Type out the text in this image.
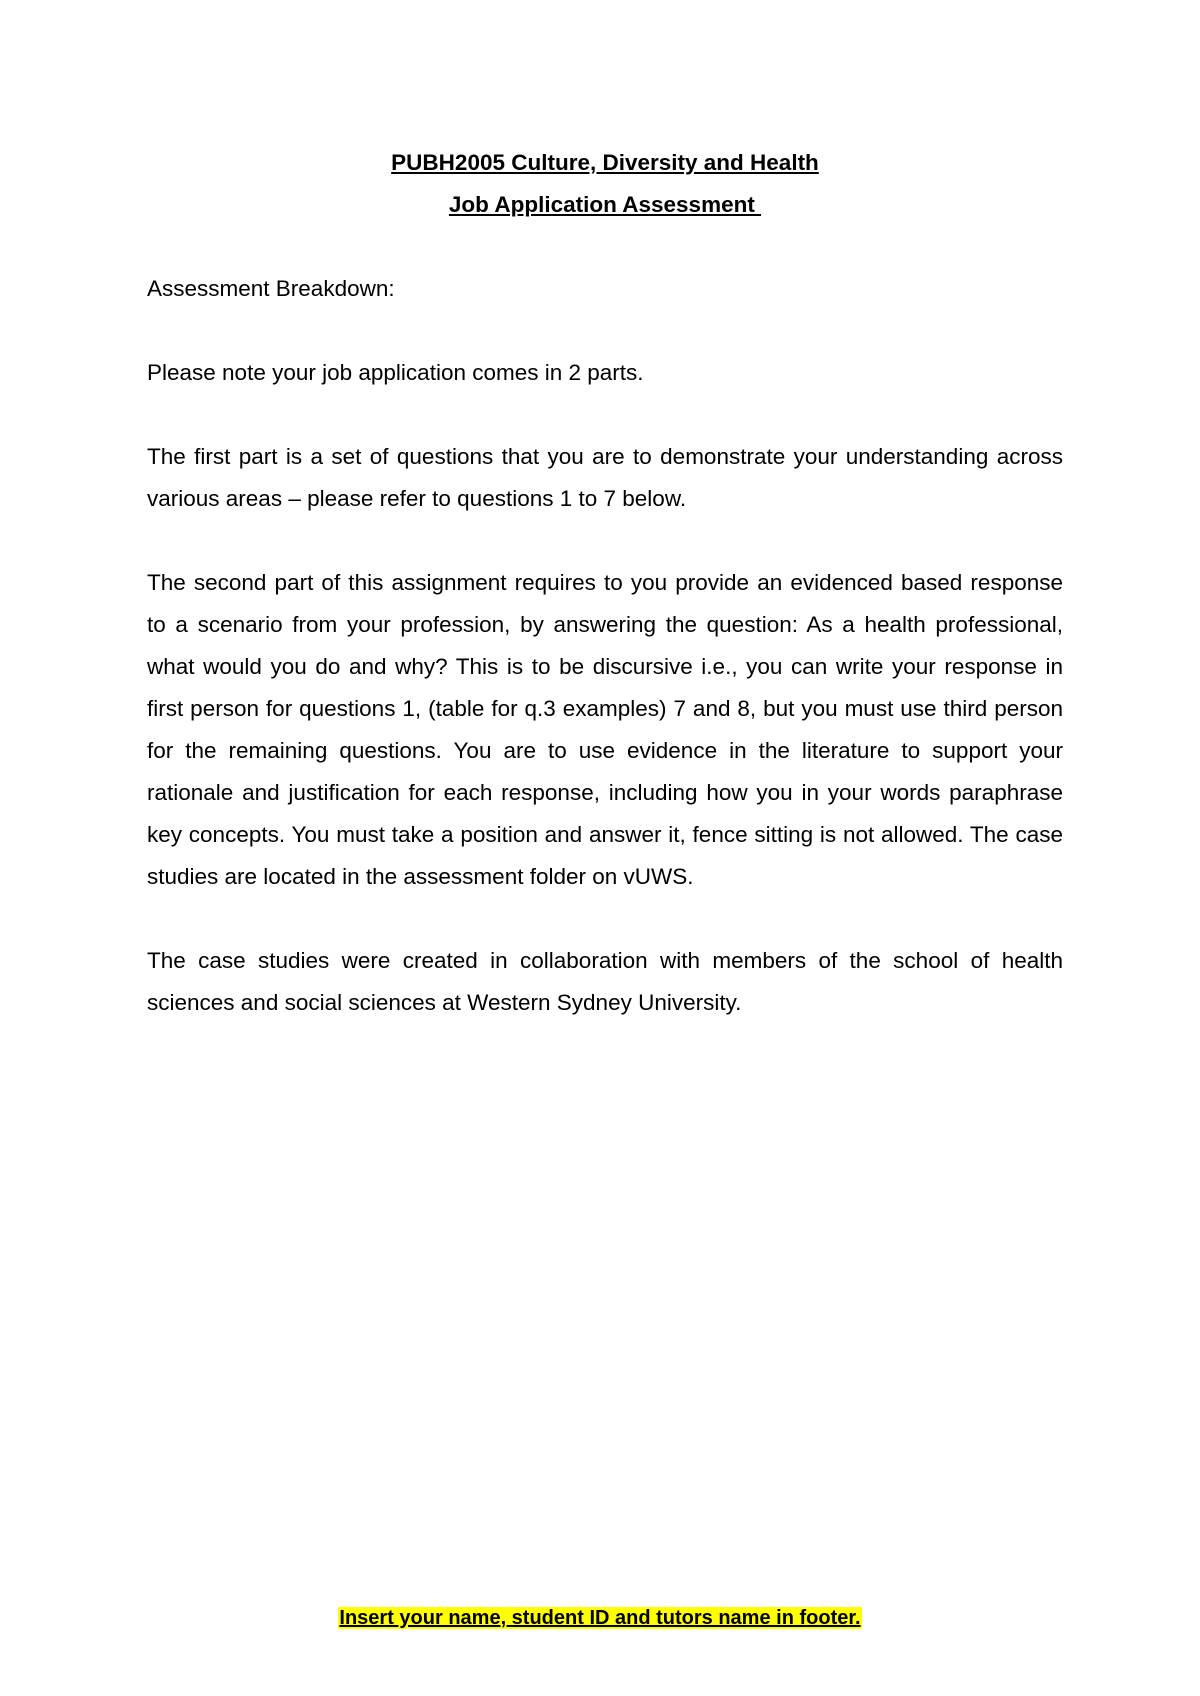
PUBH2005 Culture, Diversity and Health

Job Application Assessment

Assessment Breakdown:

Please note your job application comes in 2 parts.

The first part is a set of questions that you are to demonstrate your understanding across various areas – please refer to questions 1 to 7 below.

The second part of this assignment requires to you provide an evidenced based response to a scenario from your profession, by answering the question: As a health professional, what would you do and why? This is to be discursive i.e., you can write your response in first person for questions 1, (table for q.3 examples) 7 and 8, but you must use third person for the remaining questions. You are to use evidence in the literature to support your rationale and justification for each response, including how you in your words paraphrase key concepts. You must take a position and answer it, fence sitting is not allowed. The case studies are located in the assessment folder on vUWS.

The case studies were created in collaboration with members of the school of health sciences and social sciences at Western Sydney University.

Insert your name, student ID and tutors name in footer.
